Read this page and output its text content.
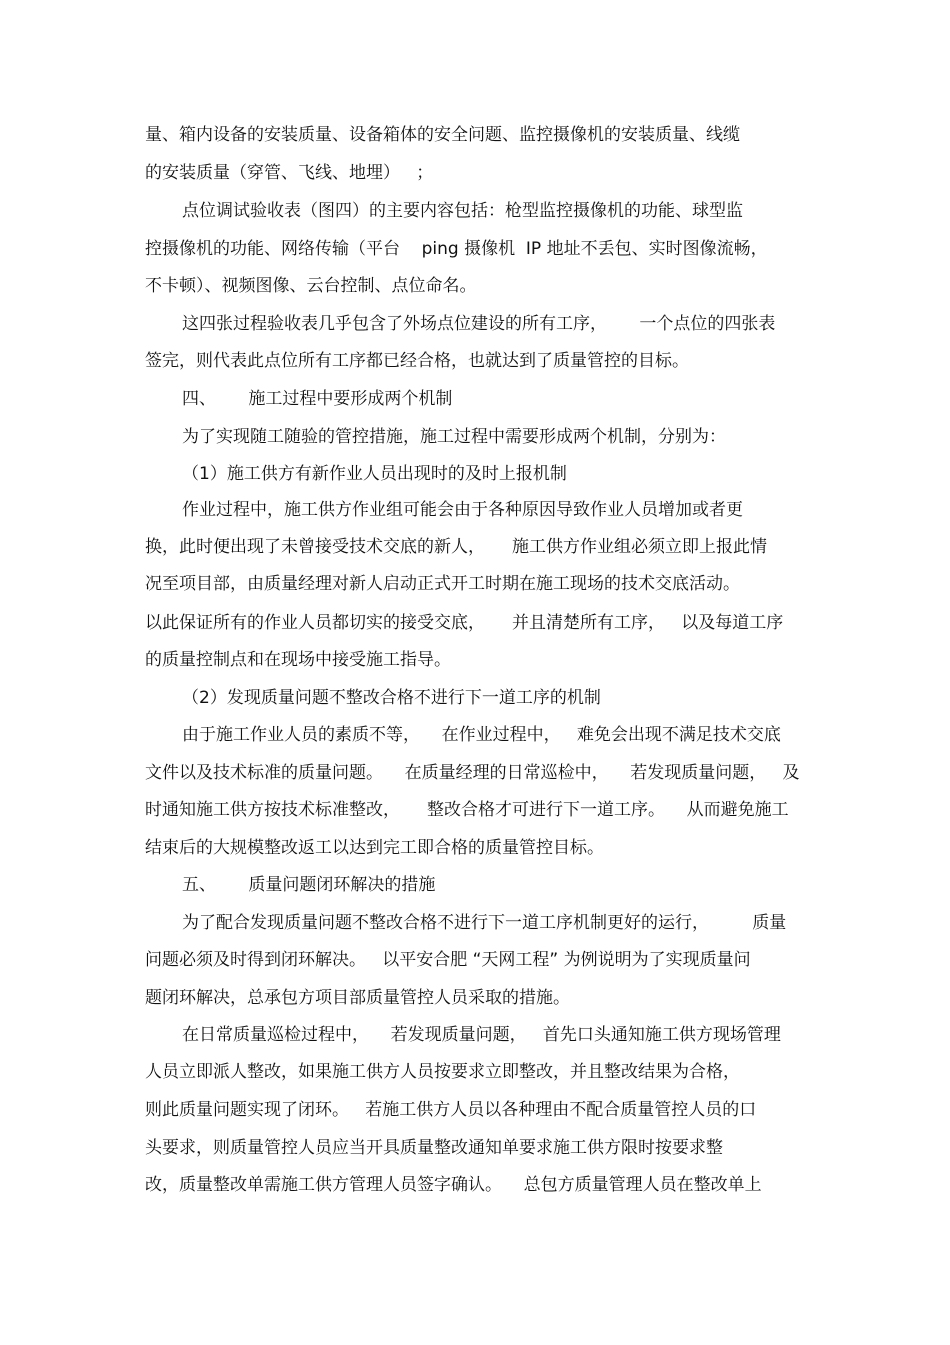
量、箱内设备的安装质量、设备箱体的安全问题、监控摄像机的安装质量、线缆

的安装质量（穿管、飞线、地埋）   ；

点位调试验收表（图四）的主要内容包括：枪型监控摄像机的功能、球型监

控摄像机的功能、网络传输（平台    ping 摄像机  IP 地址不丢包、实时图像流畅，

不卡顿）、视频图像、云台控制、点位命名。

这四张过程验收表几乎包含了外场点位建设的所有工序，      一个点位的四张表

签完，则代表此点位所有工序都已经合格，也就达到了质量管控的目标。

四、      施工过程中要形成两个机制

为了实现随工随验的管控措施，施工过程中需要形成两个机制，分别为：

（1）施工供方有新作业人员出现时的及时上报机制

作业过程中，施工供方作业组可能会由于各种原因导致作业人员增加或者更

换，此时便出现了未曾接受技术交底的新人，     施工供方作业组必须立即上报此情

况至项目部，由质量经理对新人启动正式开工时期在施工现场的技术交底活动。

以此保证所有的作业人员都切实的接受交底，     并且清楚所有工序，   以及每道工序

的质量控制点和在现场中接受施工指导。

（2）发现质量问题不整改合格不进行下一道工序的机制

由于施工作业人员的素质不等，    在作业过程中，   难免会出现不满足技术交底

文件以及技术标准的质量问题。    在质量经理的日常巡检中，    若发现质量问题，   及

时通知施工供方按技术标准整改，     整改合格才可进行下一道工序。    从而避免施工

结束后的大规模整改返工以达到完工即合格的质量管控目标。

五、      质量问题闭环解决的措施

为了配合发现质量问题不整改合格不进行下一道工序机制更好的运行，        质量

问题必须及时得到闭环解决。   以平安合肥 “天网工程” 为例说明为了实现质量问

题闭环解决，总承包方项目部质量管控人员采取的措施。

在日常质量巡检过程中，    若发现质量问题，   首先口头通知施工供方现场管理

人员立即派人整改，如果施工供方人员按要求立即整改，并且整改结果为合格，

则此质量问题实现了闭环。   若施工供方人员以各种理由不配合质量管控人员的口

头要求，则质量管控人员应当开具质量整改通知单要求施工供方限时按要求整

改，质量整改单需施工供方管理人员签字确认。    总包方质量管理人员在整改单上
